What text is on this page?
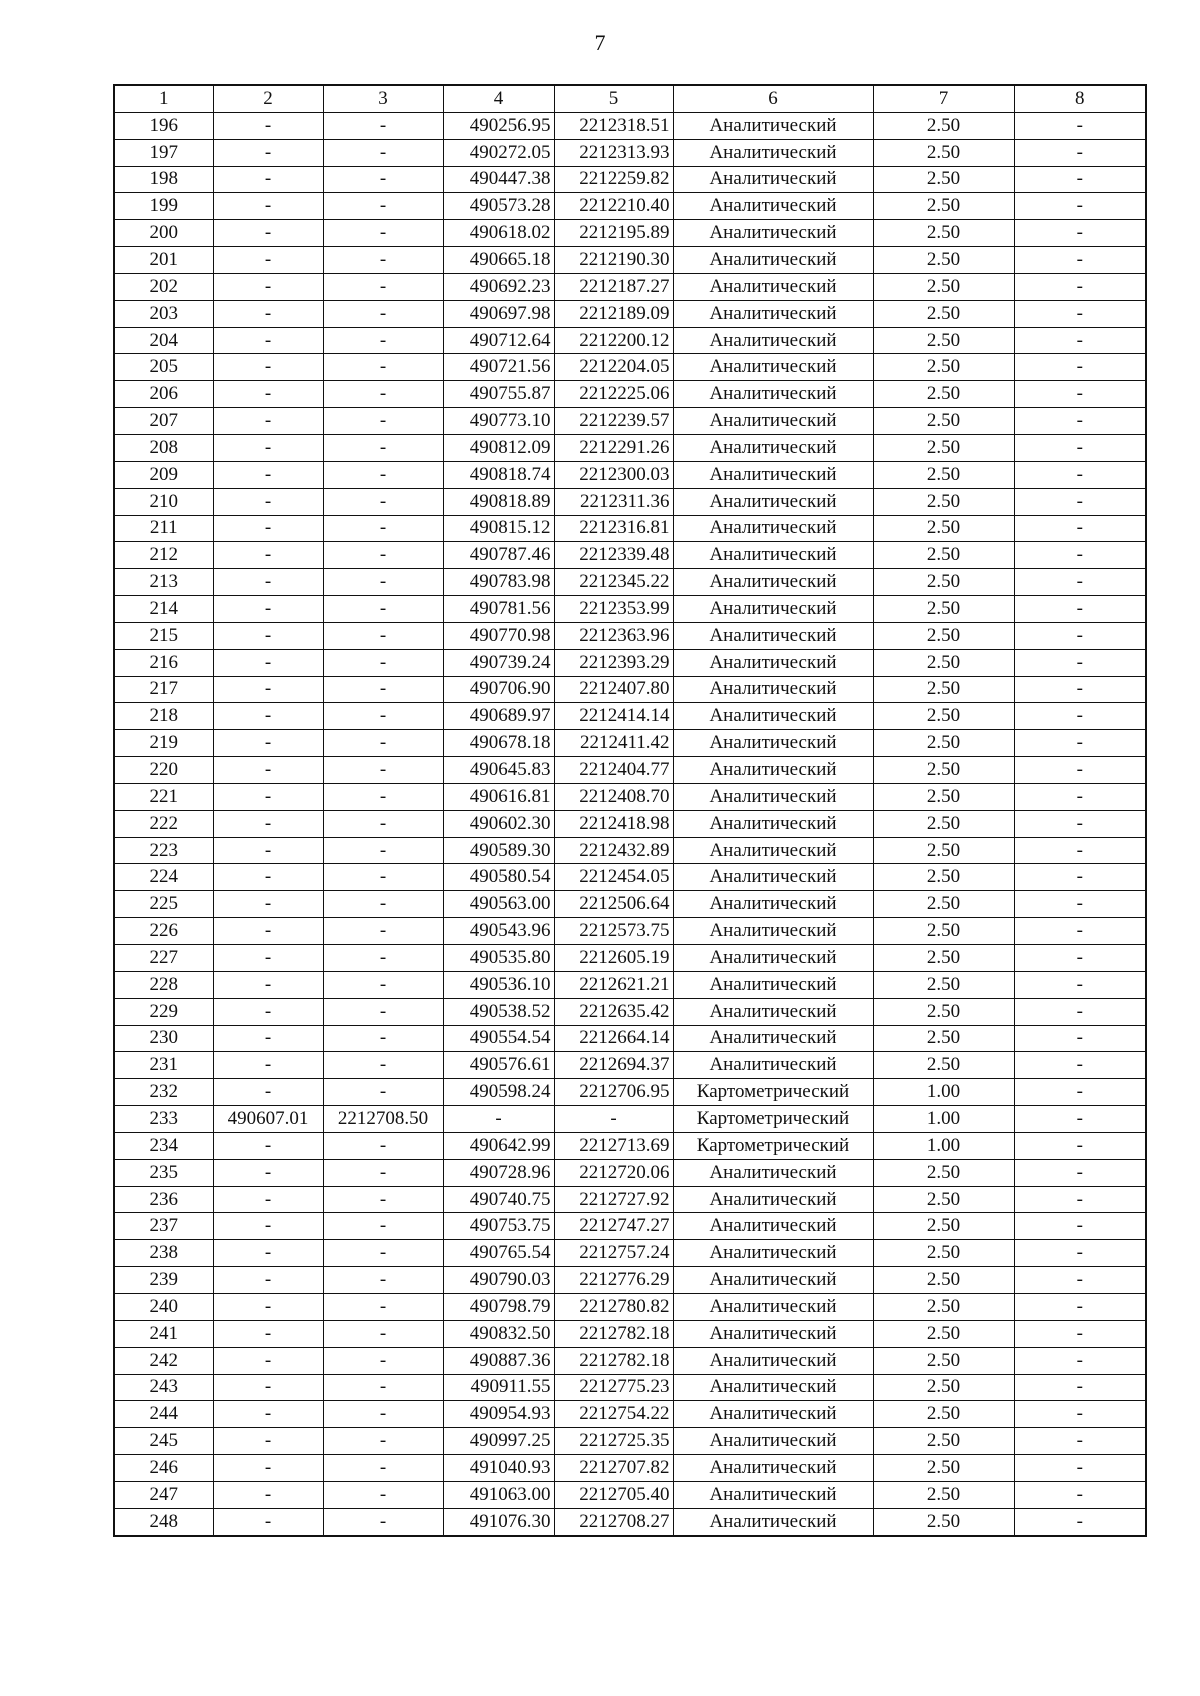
7
1	2	3	4	5	6	7	8
196	-	-	490256.95	2212318.51	Аналитический	2.50	-
197	-	-	490272.05	2212313.93	Аналитический	2.50	-
198	-	-	490447.38	2212259.82	Аналитический	2.50	-
199	-	-	490573.28	2212210.40	Аналитический	2.50	-
200	-	-	490618.02	2212195.89	Аналитический	2.50	-
201	-	-	490665.18	2212190.30	Аналитический	2.50	-
202	-	-	490692.23	2212187.27	Аналитический	2.50	-
203	-	-	490697.98	2212189.09	Аналитический	2.50	-
204	-	-	490712.64	2212200.12	Аналитический	2.50	-
205	-	-	490721.56	2212204.05	Аналитический	2.50	-
206	-	-	490755.87	2212225.06	Аналитический	2.50	-
207	-	-	490773.10	2212239.57	Аналитический	2.50	-
208	-	-	490812.09	2212291.26	Аналитический	2.50	-
209	-	-	490818.74	2212300.03	Аналитический	2.50	-
210	-	-	490818.89	2212311.36	Аналитический	2.50	-
211	-	-	490815.12	2212316.81	Аналитический	2.50	-
212	-	-	490787.46	2212339.48	Аналитический	2.50	-
213	-	-	490783.98	2212345.22	Аналитический	2.50	-
214	-	-	490781.56	2212353.99	Аналитический	2.50	-
215	-	-	490770.98	2212363.96	Аналитический	2.50	-
216	-	-	490739.24	2212393.29	Аналитический	2.50	-
217	-	-	490706.90	2212407.80	Аналитический	2.50	-
218	-	-	490689.97	2212414.14	Аналитический	2.50	-
219	-	-	490678.18	2212411.42	Аналитический	2.50	-
220	-	-	490645.83	2212404.77	Аналитический	2.50	-
221	-	-	490616.81	2212408.70	Аналитический	2.50	-
222	-	-	490602.30	2212418.98	Аналитический	2.50	-
223	-	-	490589.30	2212432.89	Аналитический	2.50	-
224	-	-	490580.54	2212454.05	Аналитический	2.50	-
225	-	-	490563.00	2212506.64	Аналитический	2.50	-
226	-	-	490543.96	2212573.75	Аналитический	2.50	-
227	-	-	490535.80	2212605.19	Аналитический	2.50	-
228	-	-	490536.10	2212621.21	Аналитический	2.50	-
229	-	-	490538.52	2212635.42	Аналитический	2.50	-
230	-	-	490554.54	2212664.14	Аналитический	2.50	-
231	-	-	490576.61	2212694.37	Аналитический	2.50	-
232	-	-	490598.24	2212706.95	Картометрический	1.00	-
233	490607.01	2212708.50	-	-	Картометрический	1.00	-
234	-	-	490642.99	2212713.69	Картометрический	1.00	-
235	-	-	490728.96	2212720.06	Аналитический	2.50	-
236	-	-	490740.75	2212727.92	Аналитический	2.50	-
237	-	-	490753.75	2212747.27	Аналитический	2.50	-
238	-	-	490765.54	2212757.24	Аналитический	2.50	-
239	-	-	490790.03	2212776.29	Аналитический	2.50	-
240	-	-	490798.79	2212780.82	Аналитический	2.50	-
241	-	-	490832.50	2212782.18	Аналитический	2.50	-
242	-	-	490887.36	2212782.18	Аналитический	2.50	-
243	-	-	490911.55	2212775.23	Аналитический	2.50	-
244	-	-	490954.93	2212754.22	Аналитический	2.50	-
245	-	-	490997.25	2212725.35	Аналитический	2.50	-
246	-	-	491040.93	2212707.82	Аналитический	2.50	-
247	-	-	491063.00	2212705.40	Аналитический	2.50	-
248	-	-	491076.30	2212708.27	Аналитический	2.50	-
